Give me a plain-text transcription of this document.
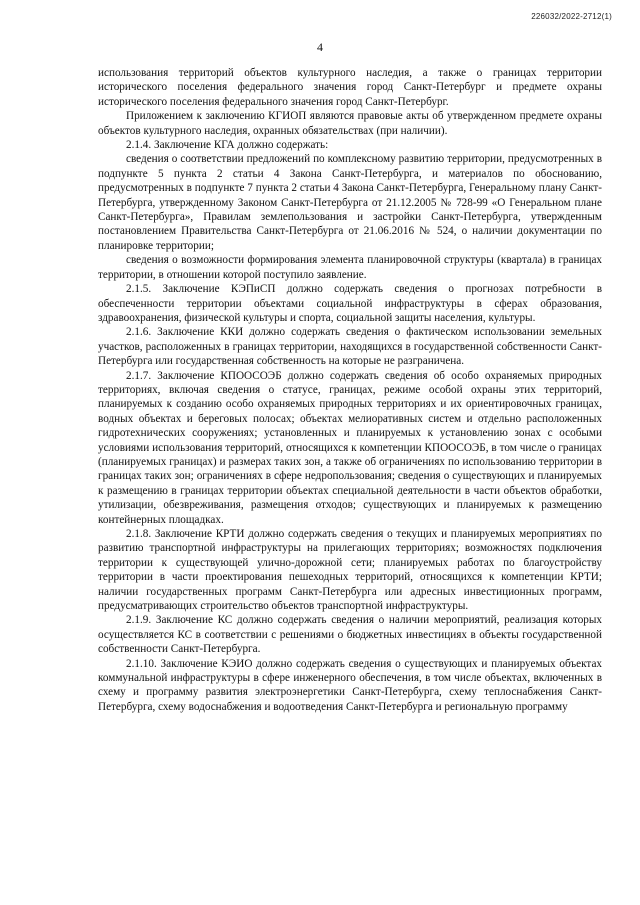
226032/2022-2712(1)
4

использования территорий объектов культурного наследия, а также о границах территории исторического поселения федерального значения город Санкт-Петербург и предмете охраны исторического поселения федерального значения город Санкт-Петербург.

Приложением к заключению КГИОП являются правовые акты об утвержденном предмете охраны объектов культурного наследия, охранных обязательствах (при наличии).

2.1.4. Заключение КГА должно содержать:

сведения о соответствии предложений по комплексному развитию территории, предусмотренных в подпункте 5 пункта 2 статьи 4 Закона Санкт-Петербурга, и материалов по обоснованию, предусмотренных в подпункте 7 пункта 2 статьи 4 Закона Санкт-Петербурга, Генеральному плану Санкт-Петербурга, утвержденному Законом Санкт-Петербурга от 21.12.2005 № 728-99 «О Генеральном плане Санкт-Петербурга», Правилам землепользования и застройки Санкт-Петербурга, утвержденным постановлением Правительства Санкт-Петербурга от 21.06.2016 № 524, о наличии документации по планировке территории;

сведения о возможности формирования элемента планировочной структуры (квартала) в границах территории, в отношении которой поступило заявление.

2.1.5. Заключение КЭПиСП должно содержать сведения о прогнозах потребности в обеспеченности территории объектами социальной инфраструктуры в сферах образования, здравоохранения, физической культуры и спорта, социальной защиты населения, культуры.

2.1.6. Заключение ККИ должно содержать сведения о фактическом использовании земельных участков, расположенных в границах территории, находящихся в государственной собственности Санкт-Петербурга или государственная собственность на которые не разграничена.

2.1.7. Заключение КПООСОЭБ должно содержать сведения об особо охраняемых природных территориях, включая сведения о статусе, границах, режиме особой охраны этих территорий, планируемых к созданию особо охраняемых природных территориях и их ориентировочных границах, водных объектах и береговых полосах; объектах мелиоративных систем и отдельно расположенных гидротехнических сооружениях; установленных и планируемых к установлению зонах с особыми условиями использования территорий, относящихся к компетенции КПООСОЭБ, в том числе о границах (планируемых границах) и размерах таких зон, а также об ограничениях по использованию территории в границах таких зон; ограничениях в сфере недропользования; сведения о существующих и планируемых к размещению в границах территории объектах специальной деятельности в части объектов обработки, утилизации, обезвреживания, размещения отходов; существующих и планируемых к размещению контейнерных площадках.

2.1.8. Заключение КРТИ должно содержать сведения о текущих и планируемых мероприятиях по развитию транспортной инфраструктуры на прилегающих территориях; возможностях подключения территории к существующей улично-дорожной сети; планируемых работах по благоустройству территории в части проектирования пешеходных территорий, относящихся к компетенции КРТИ; наличии государственных программ Санкт-Петербурга или адресных инвестиционных программ, предусматривающих строительство объектов транспортной инфраструктуры.

2.1.9. Заключение КС должно содержать сведения о наличии мероприятий, реализация которых осуществляется КС в соответствии с решениями о бюджетных инвестициях в объекты государственной собственности Санкт-Петербурга.

2.1.10. Заключение КЭИО должно содержать сведения о существующих и планируемых объектах коммунальной инфраструктуры в сфере инженерного обеспечения, в том числе объектах, включенных в схему и программу развития электроэнергетики Санкт-Петербурга, схему теплоснабжения Санкт-Петербурга, схему водоснабжения и водоотведения Санкт-Петербурга и региональную программу
